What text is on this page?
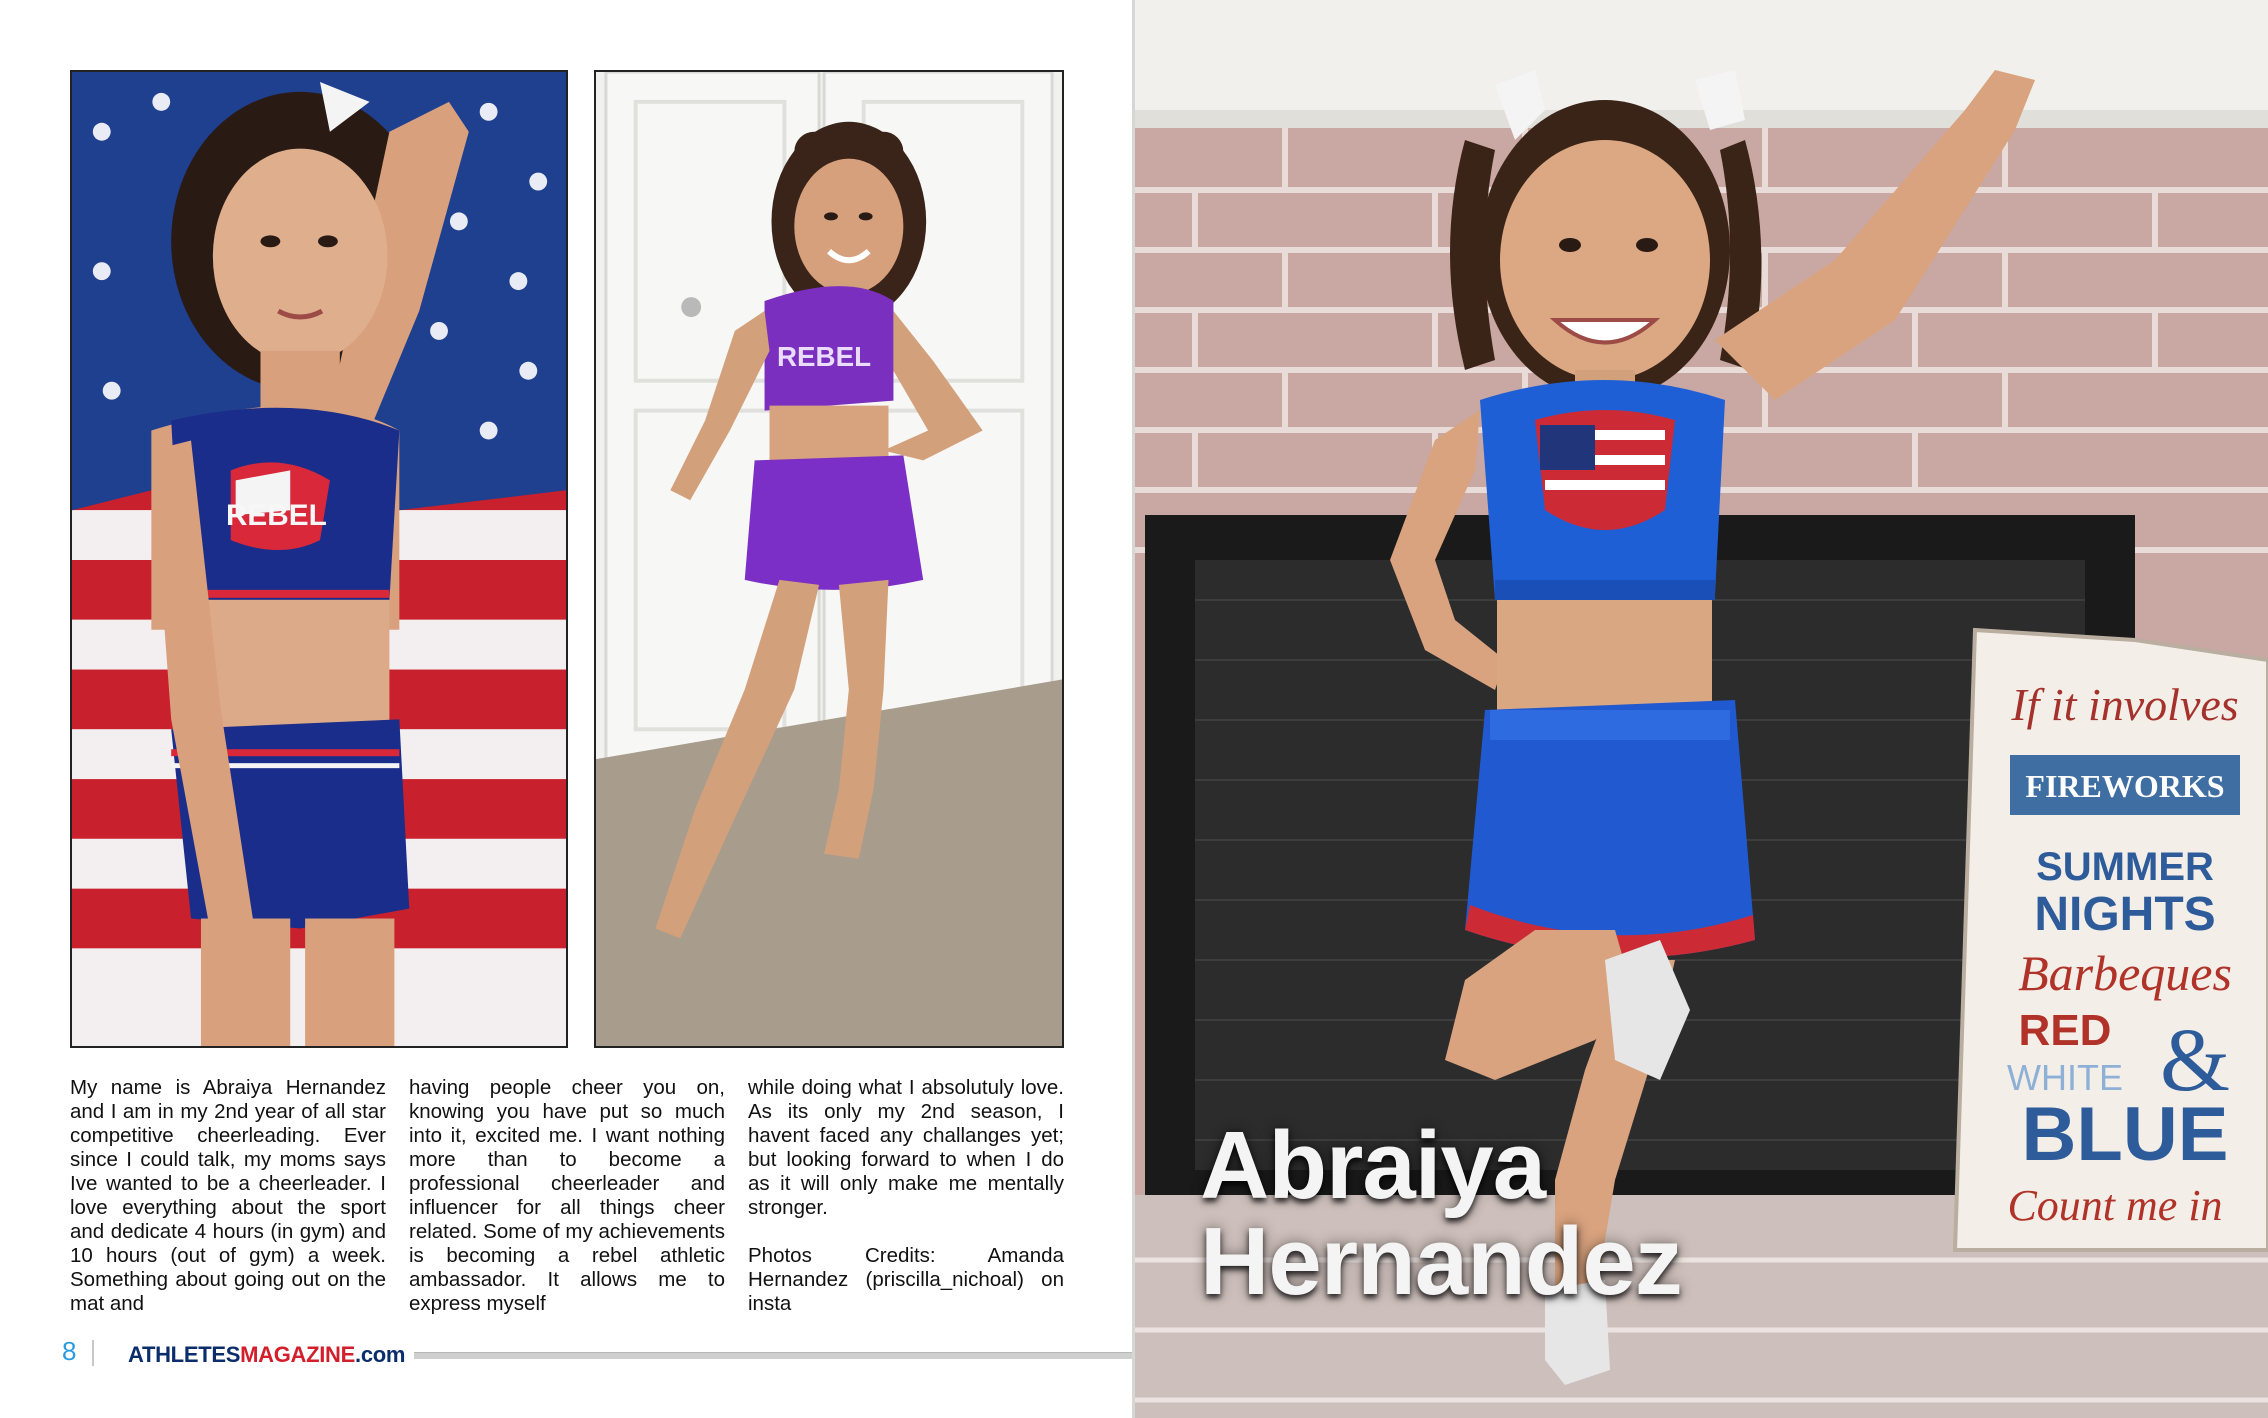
REBEL
REBEL

My name is Abraiya Hernandez and I am in my 2nd year of all star competitive cheerleading. Ever since I could talk, my moms says Ive wanted to be a cheerleader. I love everything about the sport and dedicate 4 hours (in gym) and 10 hours (out of gym) a week. Something about going out on the mat and

having people cheer you on, knowing you have put so much into it, excited me. I want nothing more than to become a professional cheerleader and influencer for all things cheer related. Some of my achievements is becoming a rebel athletic ambassador. It allows me to express myself

while doing what I absolutuly love. As its only my 2nd season, I havent faced any challanges yet; but looking forward to when I do as it will only make me mentally stronger.

Photos Credits: Amanda Hernandez (priscilla_nichoal) on insta

8 ATHLETESMAGAZINE.com
If it involves
FIREWORKS
SUMMER
NIGHTS
Barbeques
RED
WHITE &
BLUE
Count me in
Abraiya
Hernandez
